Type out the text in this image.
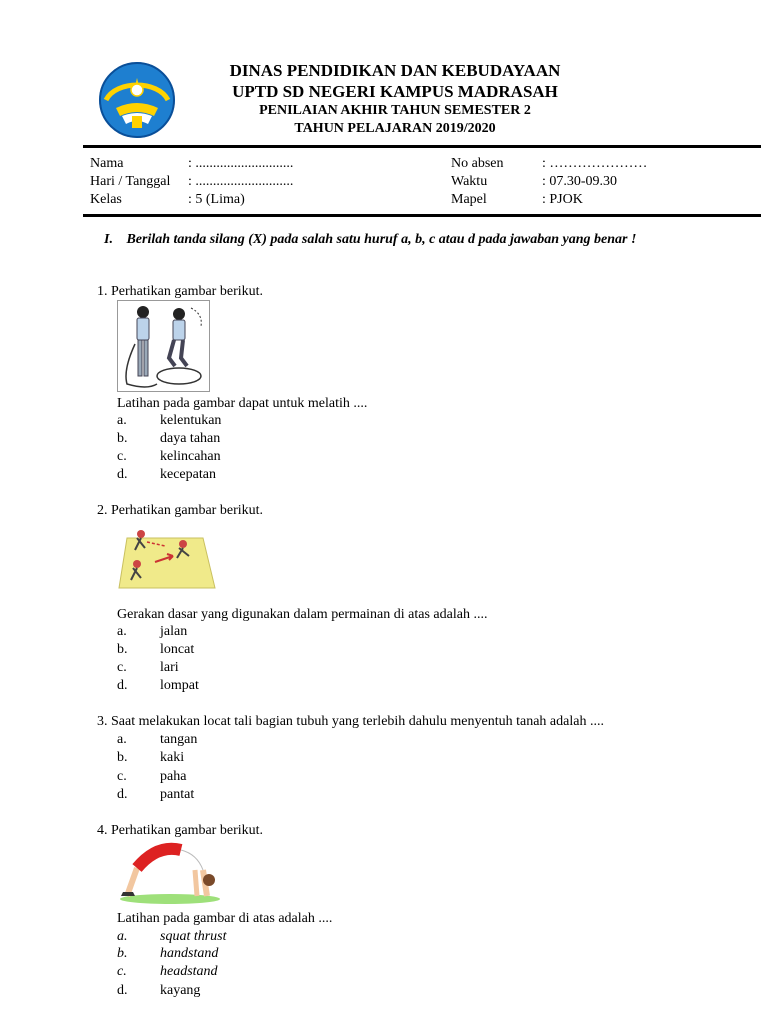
DINAS PENDIDIKAN DAN KEBUDAYAAN
UPTD SD NEGERI KAMPUS MADRASAH
PENILAIAN AKHIR TAHUN SEMESTER 2
TAHUN PELAJARAN 2019/2020
Nama	: ............................
Hari / Tanggal : ............................
Kelas	: 5 (Lima)
No absen	: …………………
Waktu	: 07.30-09.30
Mapel	: PJOK
I. Berilah tanda silang (X) pada salah satu huruf a, b, c atau d pada jawaban yang benar !
1. Perhatikan gambar berikut.
Latihan pada gambar dapat untuk melatih ....
a. kelentukan
b. daya tahan
c. kelincahan
d. kecepatan
2. Perhatikan gambar berikut.
Gerakan dasar yang digunakan dalam permainan di atas adalah ....
a. jalan
b. loncat
c. lari
d. lompat
3. Saat melakukan locat tali bagian tubuh yang terlebih dahulu menyentuh tanah adalah ....
a. tangan
b. kaki
c. paha
d. pantat
4. Perhatikan gambar berikut.
Latihan pada gambar di atas adalah ....
a. squat thrust
b. handstand
c. headstand
d. kayang
